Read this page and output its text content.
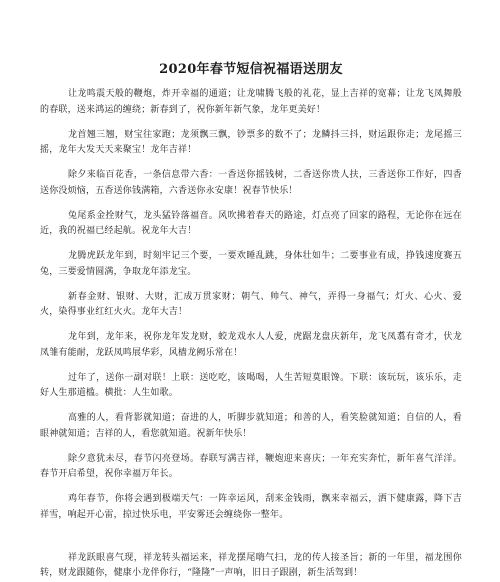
2020年春节短信祝福语送朋友

让龙鸣震天般的鞭炮，炸开幸福的通道；让龙啸腾飞般的礼花，显上吉祥的宽幕；让龙飞凤舞般的春联，送来鸿运的缠绕；新春到了，祝你新年新气象，龙年更美好！

龙首翘三翘，财宝往家跑；龙须飘三飘，钞票多的数不了；龙鳞抖三抖，财运跟你走；龙尾摇三摇，龙年大发天天来聚宝！龙年吉祥！

除夕来临百花香，一条信息带六香：一香送你摇钱树，二香送你贵人扶，三香送你工作好，四香送你没烦恼，五香送你钱满箱，六香送你永安康！祝春节快乐！

兔尾系金拴财气，龙头猛铃落福音。风吹拂着春天的路途，灯点亮了回家的路程，无论你在远在近，我的祝福已经起航。祝龙年大吉！

龙腾虎跃龙年到，时刻牢记三个要，一要欢睡乱跳，身体壮如牛；二要事业有成，挣钱速度赛五兔，三要爱情圆满，争取龙年添龙宝。

新春金财、银财、大财，汇成万贯家财；朝气、帅气、神气，弄得一身福气；灯火、心火、爱火，染得事业红红火火。龙年大吉！

龙年到，龙年来，祝你龙年发龙财，蛟龙戏水人人爱，虎踞龙盘庆新年，龙飞凤翥有奇才，伏龙凤雏有能耐，龙跃凤鸣展华彩，风樯龙阙乐常在！

过年了，送你一副对联！上联：送吃吃，该喝喝，人生苦短莫眼馋。下联：该玩玩，该乐乐，走好人生那道槛。横批：人生如歌。

高雅的人，看背影就知道；奋进的人，听脚步就知道；和善的人，看笑脸就知道；自信的人，看眼神就知道；吉祥的人，看您就知道。祝新年快乐！

除夕意犹未尽，春节闪亮登场。春联写满吉祥，鞭炮迎来喜庆；一年充实奔忙，新年喜气洋洋。春节开启希望，祝你幸福万年长。

鸡年春节，你将会遇到极端天气：一阵幸运风，刮来金钱雨，飘来幸福云，洒下健康露，降下吉祥雪，响起开心雷，掠过快乐电，平安雾还会缠绕你一整年。

祥龙跃眼喜气现，祥龙转头福运来，祥龙摆尾嗨气扫，龙的传人接圣旨；新的一年里，福龙围你转，财龙跟随你，健康小龙伴你行，“隆隆”一声响，旧日子跟剧，新生活驾到！
